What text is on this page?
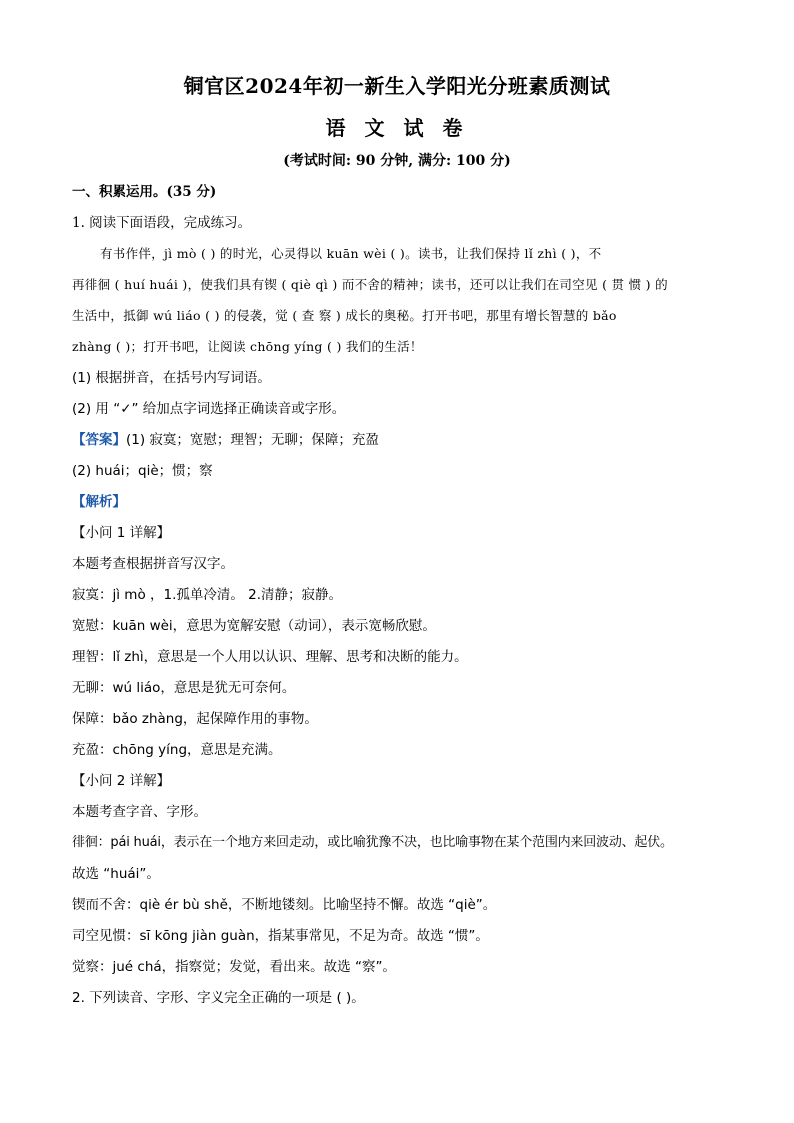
铜官区2024年初一新生入学阳光分班素质测试
语 文 试 卷
(考试时间: 90 分钟, 满分: 100 分)
一、积累运用。(35 分)
1. 阅读下面语段，完成练习。
有书作伴，jì mò ( ) 的时光，心灵得以 kuān wèi ( )。读书，让我们保持 lǐ zhì ( )，不
再徘徊 ( huí huái )，使我们具有锲 ( qiè qì ) 而不舍的精神；读书，还可以让我们在司空见 ( 贯 惯 ) 的
生活中，抵御 wú liáo ( ) 的侵袭，觉 ( 查 察 ) 成长的奥秘。打开书吧，那里有增长智慧的 bǎo
zhàng ( )；打开书吧，让阅读 chōng yíng ( ) 我们的生活！
(1) 根据拼音，在括号内写词语。
(2) 用 “✓” 给加点字词选择正确读音或字形。
【答案】(1) 寂寞；宽慰；理智；无聊；保障；充盈
(2) huái；qiè；惯；察
【解析】
【小问 1 详解】
本题考查根据拼音写汉字。
寂寞：jì mò ，1.孤单冷清。 2.清静；寂静。
宽慰：kuān wèi，意思为宽解安慰（动词），表示宽畅欣慰。
理智：lǐ zhì，意思是一个人用以认识、理解、思考和决断的能力。
无聊：wú liáo，意思是犹无可奈何。
保障：bǎo zhàng，起保障作用的事物。
充盈：chōng yíng，意思是充满。
【小问 2 详解】
本题考查字音、字形。
徘徊：pái huái，表示在一个地方来回走动，或比喻犹豫不决，也比喻事物在某个范围内来回波动、起伏。
故选 “huái”。
锲而不舍：qiè ér bù shě，不断地镂刻。比喻坚持不懈。故选 “qiè”。
司空见惯：sī kōng jiàn guàn，指某事常见，不足为奇。故选 “惯”。
觉察：jué chá，指察觉；发觉，看出来。故选 “察”。
2. 下列读音、字形、字义完全正确的一项是 ( )。
